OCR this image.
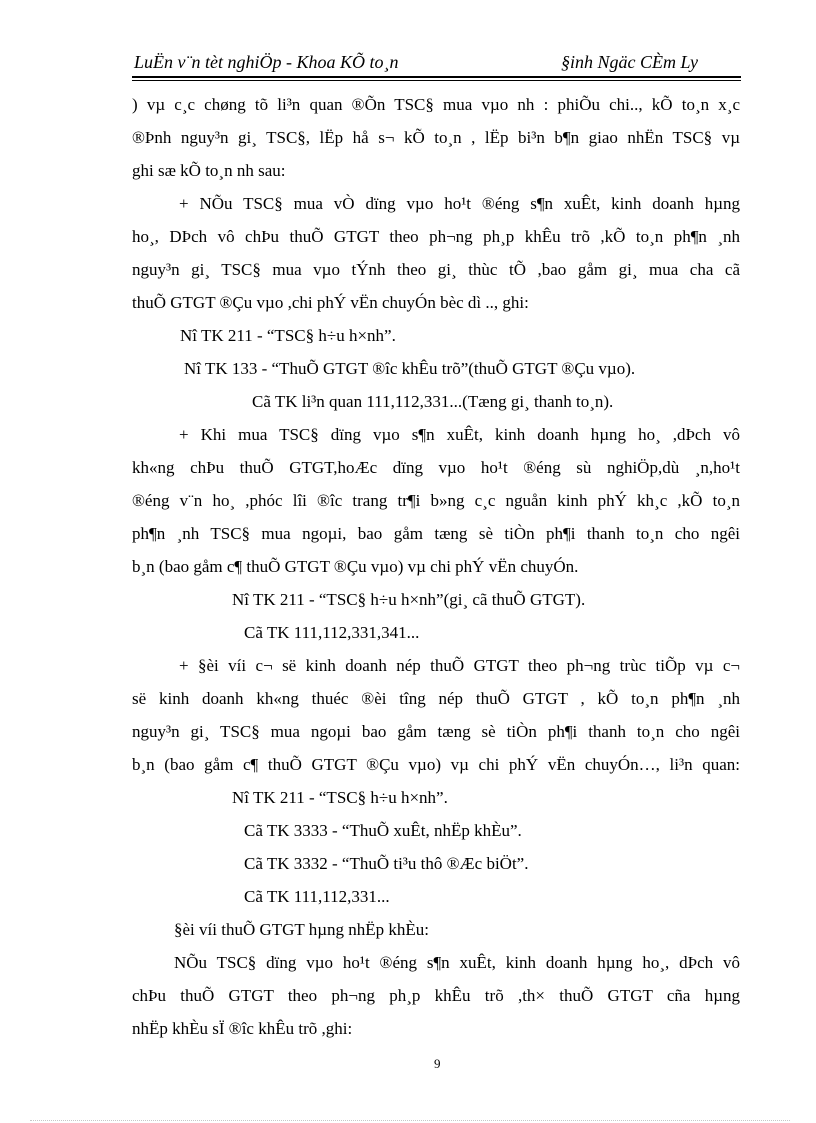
LuËn v¨n tèt nghiÖp - Khoa KÕ to¸n	§inh Ngäc CÈm Ly
) vµ c¸c chøng tõ li³n quan ®Õn TSC§ mua vµo nh : phiÕu chi.., kÕ to¸n x¸c
®Þnh nguy³n gi¸ TSC§, lËp hå s¬ kÕ to¸n , lËp bi³n b¶n giao nhËn TSC§ vµ
ghi sæ kÕ to¸n nh sau:
+ NÕu TSC§ mua vÒ dïng vµo ho¹t ®éng s¶n xuÊt, kinh doanh hµng
ho¸, DÞch vô chÞu thuÕ GTGT theo ph¬ng ph¸p khÊu trõ ,kÕ to¸n ph¶n ¸nh
nguy³n gi¸ TSC§ mua vµo tÝnh theo gi¸ thùc tÕ ,bao gåm gi¸ mua cha cã
thuÕ GTGT ®Çu vµo ,chi phÝ vËn chuyÓn bèc dì .., ghi:
Nî TK 211 - “TSC§ h÷u h×nh”.
Nî TK 133 - “ThuÕ GTGT ®îc khÊu trõ”(thuÕ GTGT ®Çu vµo).
Cã TK li³n quan 111,112,331...(Tæng gi¸ thanh to¸n).
+ Khi mua TSC§ dïng vµo s¶n xuÊt, kinh doanh hµng ho¸ ,dÞch vô
kh«ng chÞu thuÕ GTGT,hoÆc dïng vµo ho¹t ®éng sù nghiÖp,dù ¸n,ho¹t
®éng v¨n ho¸ ,phóc lîi ®îc trang tr¶i b»ng c¸c nguån kinh phÝ kh¸c ,kÕ to¸n
ph¶n ¸nh TSC§ mua ngoµi, bao gåm tæng sè tiÒn ph¶i thanh to¸n cho ngêi
b¸n (bao gåm c¶ thuÕ GTGT ®Çu vµo) vµ chi phÝ vËn chuyÓn.
Nî TK 211 - “TSC§ h÷u h×nh”(gi¸ cã thuÕ GTGT).
Cã TK 111,112,331,341...
+ §èi víi c¬ së kinh doanh nép thuÕ GTGT theo ph¬ng trùc tiÕp vµ c¬
së kinh doanh kh«ng thuéc ®èi tîng nép thuÕ GTGT , kÕ to¸n ph¶n ¸nh
nguy³n gi¸ TSC§ mua ngoµi bao gåm tæng sè tiÒn ph¶i thanh to¸n cho ngêi
b¸n (bao gåm c¶ thuÕ GTGT ®Çu vµo) vµ chi phÝ vËn chuyÓn…, li³n quan:
Nî TK 211 - “TSC§ h÷u h×nh”.
Cã TK 3333 - “ThuÕ xuÊt, nhËp khÈu”.
Cã TK 3332 - “ThuÕ ti³u thô ®Æc biÖt”.
Cã TK 111,112,331...
§èi víi thuÕ GTGT hµng nhËp khÈu:
NÕu TSC§ dïng vµo ho¹t ®éng s¶n xuÊt, kinh doanh hµng ho¸, dÞch vô
chÞu thuÕ GTGT theo ph¬ng ph¸p khÊu trõ ,th× thuÕ GTGT cña hµng
nhËp khÈu sÏ ®îc khÊu trõ ,ghi:
9
